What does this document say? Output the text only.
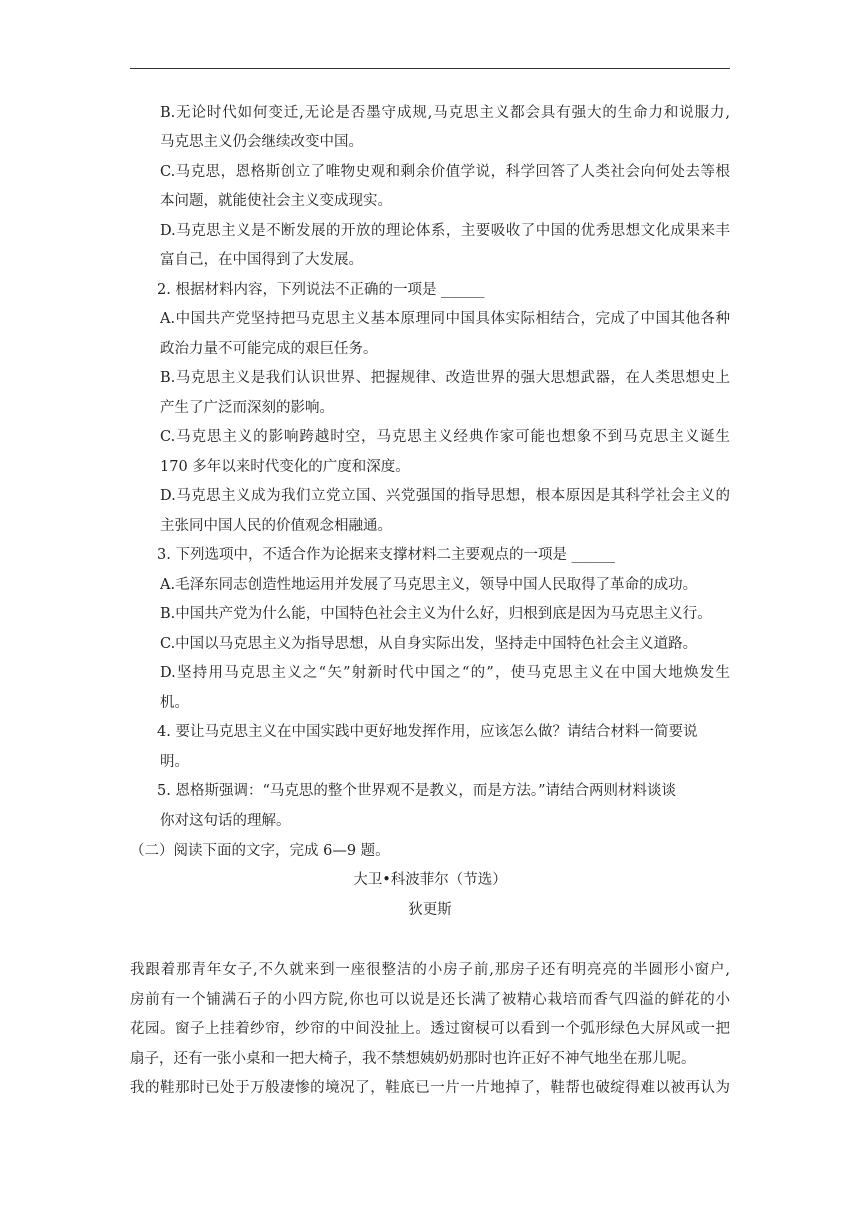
B.无论时代如何变迁,无论是否墨守成规,马克思主义都会具有强大的生命力和说服力,
马克思主义仍会继续改变中国。
C.马克思，恩格斯创立了唯物史观和剩余价值学说，科学回答了人类社会向何处去等根
本问题，就能使社会主义变成现实。
D.马克思主义是不断发展的开放的理论体系，主要吸收了中国的优秀思想文化成果来丰
富自己，在中国得到了大发展。
2. 根据材料内容，下列说法不正确的一项是 ______
A.中国共产党坚持把马克思主义基本原理同中国具体实际相结合，完成了中国其他各种
政治力量不可能完成的艰巨任务。
B.马克思主义是我们认识世界、把握规律、改造世界的强大思想武器，在人类思想史上
产生了广泛而深刻的影响。
C.马克思主义的影响跨越时空，马克思主义经典作家可能也想象不到马克思主义诞生
170 多年以来时代变化的广度和深度。
D.马克思主义成为我们立党立国、兴党强国的指导思想，根本原因是其科学社会主义的
主张同中国人民的价值观念相融通。
3. 下列选项中，不适合作为论据来支撑材料二主要观点的一项是 ______
A.毛泽东同志创造性地运用并发展了马克思主义，领导中国人民取得了革命的成功。
B.中国共产党为什么能，中国特色社会主义为什么好，归根到底是因为马克思主义行。
C.中国以马克思主义为指导思想，从自身实际出发，坚持走中国特色社会主义道路。
D.坚持用马克思主义之“矢”射新时代中国之“的”，使马克思主义在中国大地焕发生
机。
4. 要让马克思主义在中国实践中更好地发挥作用，应该怎么做？请结合材料一简要说
明。
5. 恩格斯强调：“马克思的整个世界观不是教义，而是方法。”请结合两则材料谈谈
你对这句话的理解。
（二）阅读下面的文字，完成 6—9 题。
大卫•科波菲尔（节选）
狄更斯
我跟着那青年女子,不久就来到一座很整洁的小房子前,那房子还有明亮亮的半圆形小窗户,
房前有一个铺满石子的小四方院,你也可以说是还长满了被精心栽培而香气四溢的鲜花的小
花园。窗子上挂着纱帘，纱帘的中间没扯上。透过窗棂可以看到一个弧形绿色大屏风或一把
扇子，还有一张小桌和一把大椅子，我不禁想姨奶奶那时也许正好不神气地坐在那儿呢。
我的鞋那时已处于万般凄惨的境况了，鞋底已一片一片地掉了，鞋帮也破绽得难以被再认为
